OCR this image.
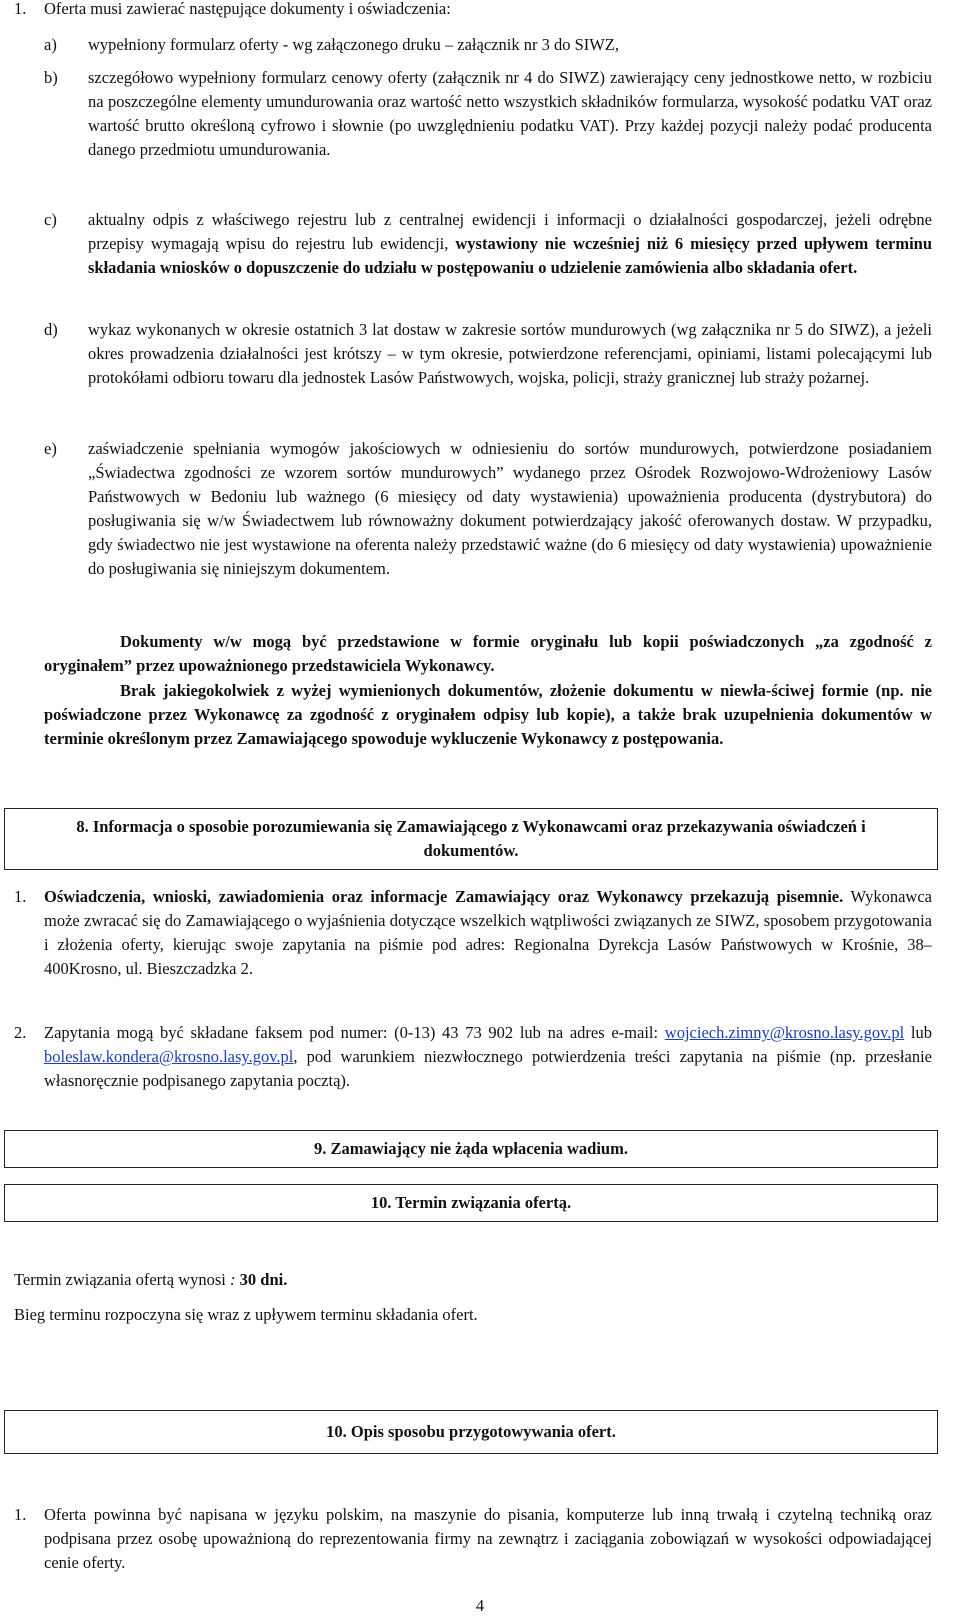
1. Oferta musi zawierać następujące dokumenty i oświadczenia:
a) wypełniony formularz oferty - wg załączonego druku – załącznik nr 3 do SIWZ,
b) szczegółowo wypełniony formularz cenowy oferty (załącznik nr 4 do SIWZ) zawierający ceny jednostkowe netto, w rozbiciu na poszczególne elementy umundurowania oraz wartość netto wszystkich składników formularza, wysokość podatku VAT oraz wartość brutto określoną cyfrowo i słownie (po uwzględnieniu podatku VAT). Przy każdej pozycji należy podać producenta danego przedmiotu umundurowania.
c) aktualny odpis z właściwego rejestru lub z centralnej ewidencji i informacji o działalności gospodarczej, jeżeli odrębne przepisy wymagają wpisu do rejestru lub ewidencji, wystawiony nie wcześniej niż 6 miesięcy przed upływem terminu składania wniosków o dopuszczenie do udziału w postępowaniu o udzielenie zamówienia albo składania ofert.
d) wykaz wykonanych w okresie ostatnich 3 lat dostaw w zakresie sortów mundurowych (wg załącznika nr 5 do SIWZ), a jeżeli okres prowadzenia działalności jest krótszy – w tym okresie, potwierdzone referencjami, opiniami, listami polecającymi lub protokółami odbioru towaru dla jednostek Lasów Państwowych, wojska, policji, straży granicznej lub straży pożarnej.
e) zaświadczenie spełniania wymogów jakościowych w odniesieniu do sortów mundurowych, potwierdzone posiadaniem „Świadectwa zgodności ze wzorem sortów mundurowych” wydanego przez Ośrodek Rozwojowo-Wdrożeniowy Lasów Państwowych w Bedoniu lub ważnego (6 miesięcy od daty wystawienia) upoważnienia producenta (dystrybutora) do posługiwania się w/w Świadectwem lub równoważny dokument potwierdzający jakość oferowanych dostaw. W przypadku, gdy świadectwo nie jest wystawione na oferenta należy przedstawić ważne (do 6 miesięcy od daty wystawienia) upoważnienie do posługiwania się niniejszym dokumentem.
Dokumenty w/w mogą być przedstawione w formie oryginału lub kopii poświadczonych „za zgodność z oryginałem” przez upoważnionego przedstawiciela Wykonawcy.
Brak jakiegokolwiek z wyżej wymienionych dokumentów, złożenie dokumentu w niewła-ściwej formie (np. nie poświadczone przez Wykonawcę za zgodność z oryginałem odpisy lub kopie), a także brak uzupełnienia dokumentów w terminie określonym przez Zamawiającego spowoduje wykluczenie Wykonawcy z postępowania.
8. Informacja o sposobie porozumiewania się Zamawiającego z Wykonawcami oraz przekazywania oświadczeń i dokumentów.
1. Oświadczenia, wnioski, zawiadomienia oraz informacje Zamawiający oraz Wykonawcy przekazują pisemnie. Wykonawca może zwracać się do Zamawiającego o wyjaśnienia dotyczące wszelkich wątpliwości związanych ze SIWZ, sposobem przygotowania i złożenia oferty, kierując swoje zapytania na piśmie pod adres: Regionalna Dyrekcja Lasów Państwowych w Krośnie, 38–400Krosno, ul. Bieszczadzka 2.
2. Zapytania mogą być składane faksem pod numer: (0-13) 43 73 902 lub na adres e-mail: wojciech.zimny@krosno.lasy.gov.pl lub boleslaw.kondera@krosno.lasy.gov.pl, pod warunkiem niezwłocznego potwierdzenia treści zapytania na piśmie (np. przesłanie własnoręcznie podpisanego zapytania pocztą).
9. Zamawiający nie żąda wpłacenia wadium.
10. Termin związania ofertą.
Termin związania ofertą wynosi : 30 dni.
Bieg terminu rozpoczyna się wraz z upływem terminu składania ofert.
10. Opis sposobu przygotowywania ofert.
1. Oferta powinna być napisana w języku polskim, na maszynie do pisania, komputerze lub inną trwałą i czytelną techniką oraz podpisana przez osobę upoważnioną do reprezentowania firmy na zewnątrz i zaciągania zobowiązań w wysokości odpowiadającej cenie oferty.
4
